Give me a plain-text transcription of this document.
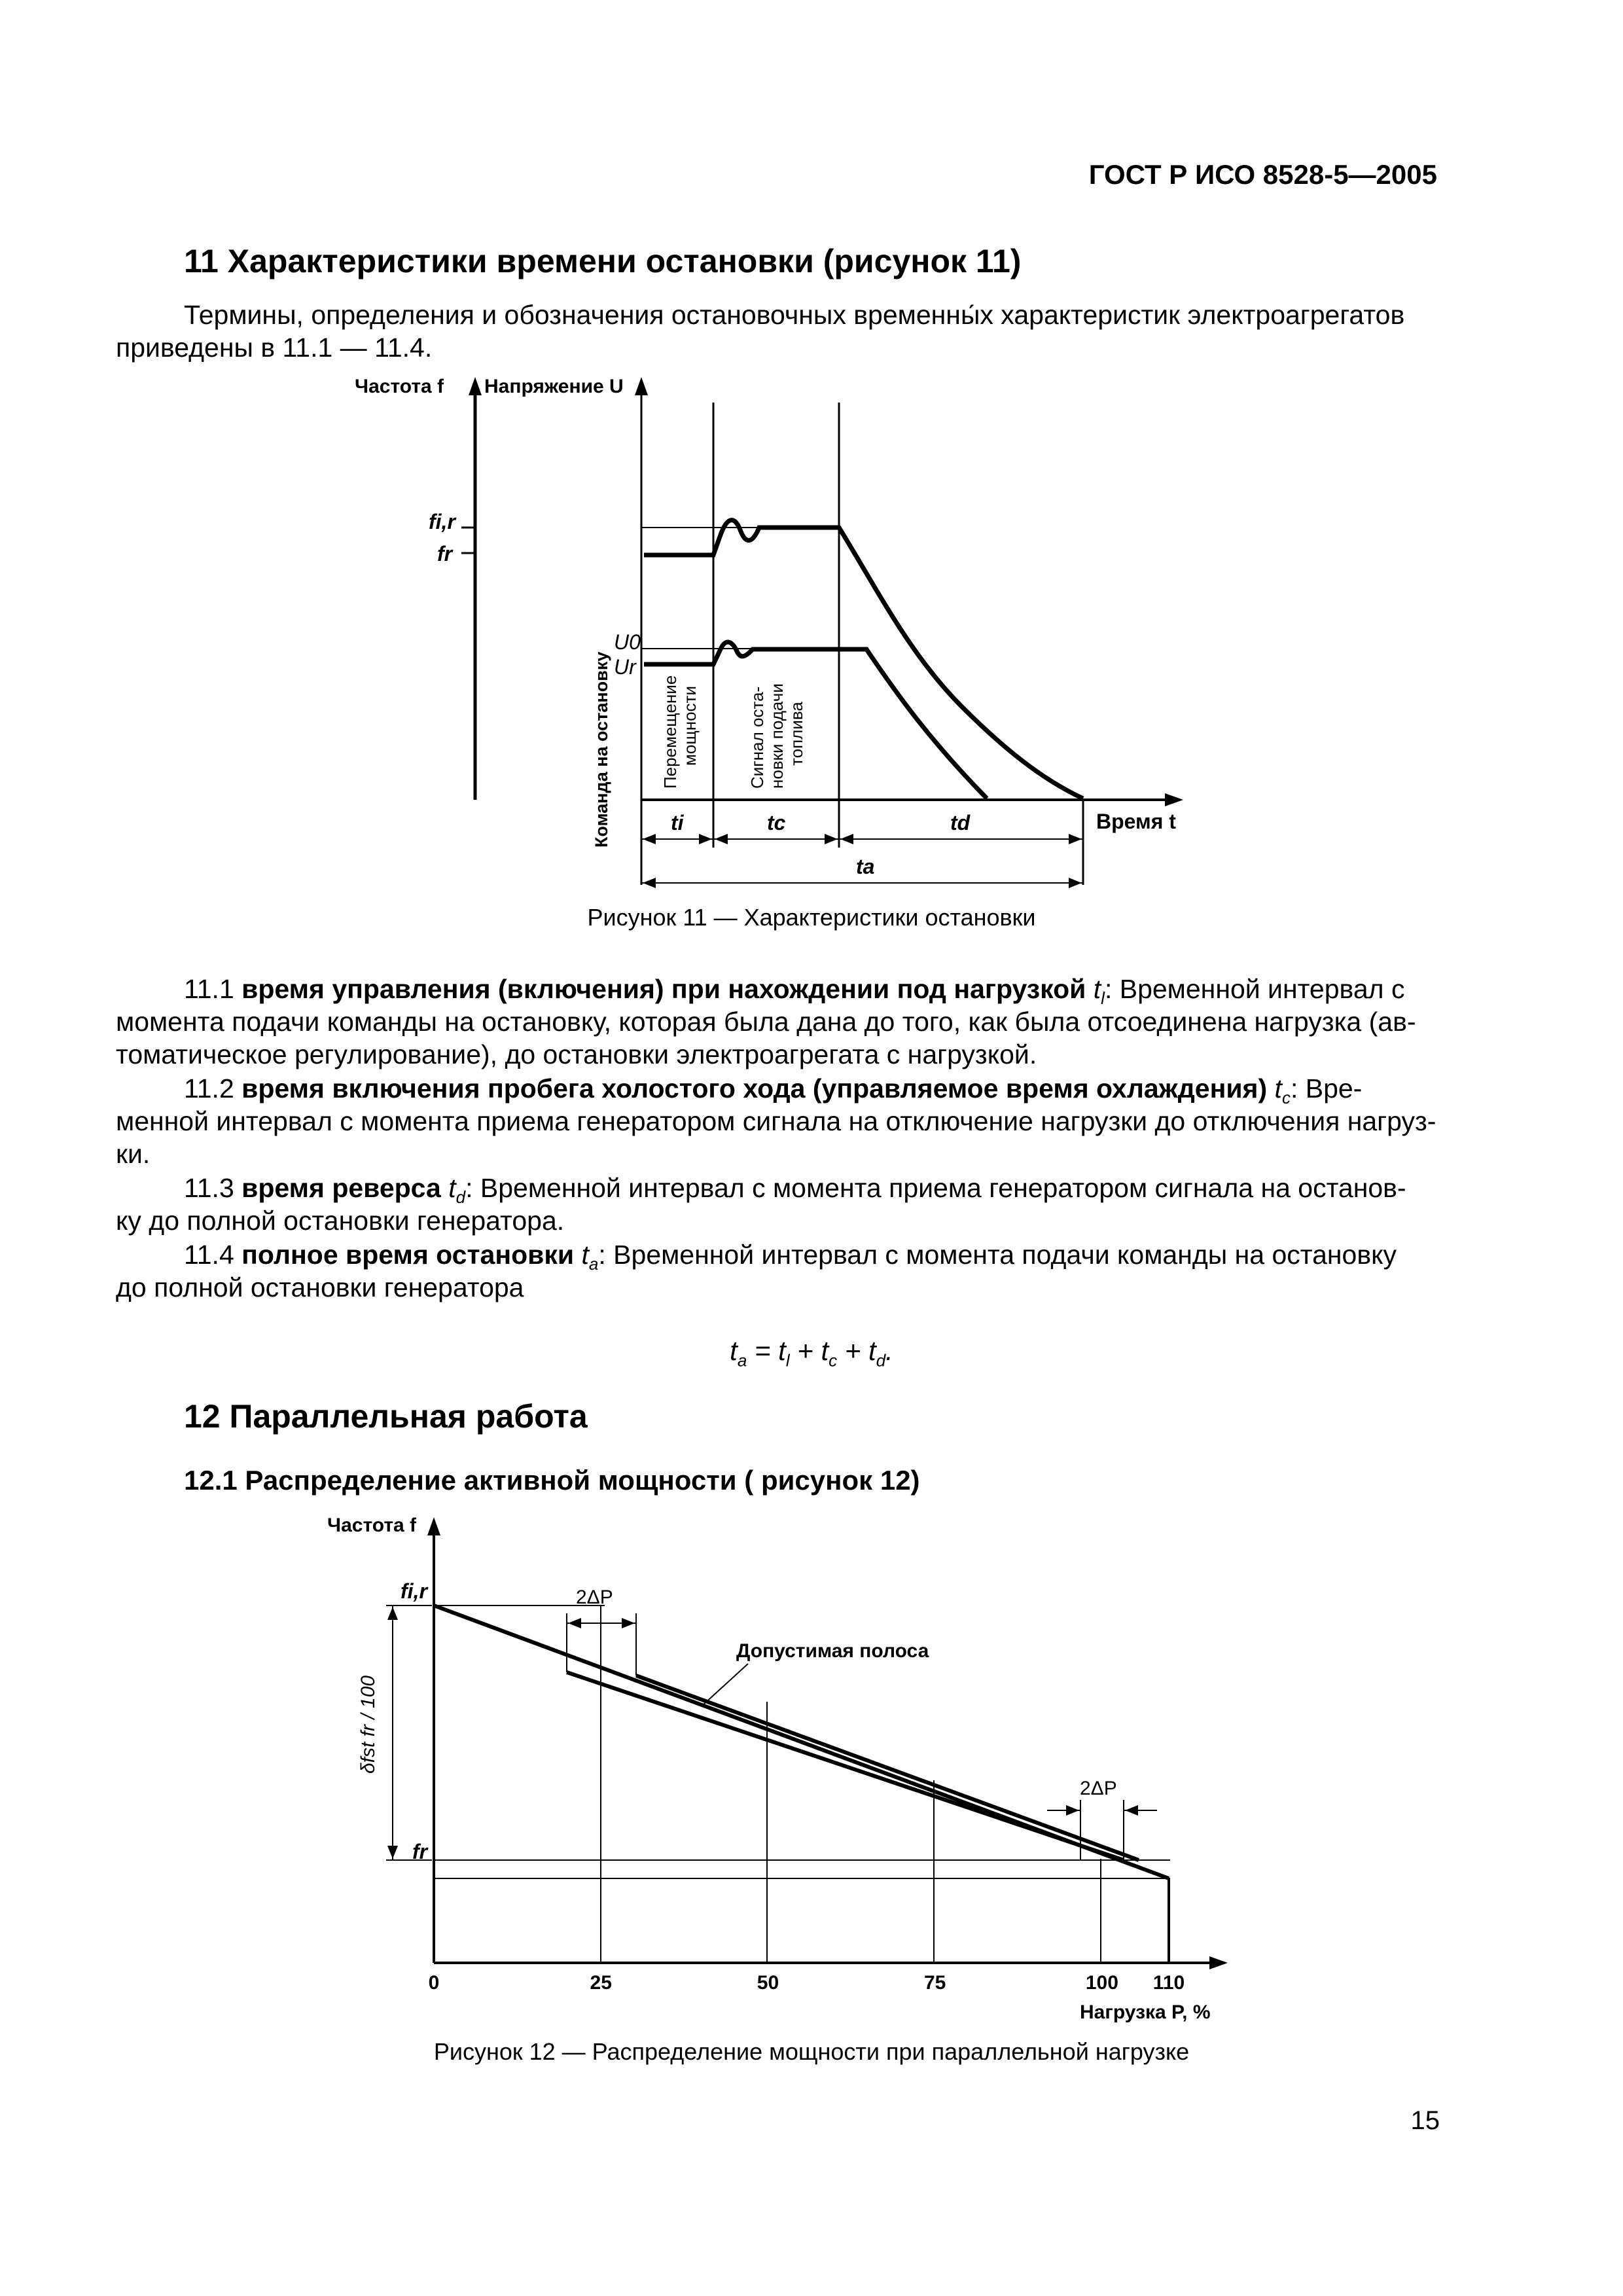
ГОСТ Р ИСО 8528-5—2005
11 Характеристики времени остановки (рисунок 11)
Термины, определения и обозначения остановочных временны́х характеристик электроагрегатов
приведены в 11.1 — 11.4.
Частота f Напряжение U
fi,r
fr
U0
Ur
Команда на остановку	Перемещение мощности	Сигнал оста- новки подачи топлива
Время t
ti	tc	td
ta
Рисунок 11 — Характеристики остановки
11.1 время управления (включения) при нахождении под нагрузкой $t_l$: Временной интервал с
момента подачи команды на остановку, которая была дана до того, как была отсоединена нагрузка (ав-
томатическое регулирование), до остановки электроагрегата с нагрузкой.
11.2 время включения пробега холостого хода (управляемое время охлаждения) $t_c$: Вре-
менной интервал с момента приема генератором сигнала на отключение нагрузки до отключения нагруз-
ки.
11.3 время реверса $t_d$: Временной интервал с момента приема генератором сигнала на останов-
ку до полной остановки генератора.
11.4 полное время остановки $t_a$: Временной интервал с момента подачи команды на остановку
до полной остановки генератора
$t_a = t_l + t_c + t_d$.
12 Параллельная работа
12.1 Распределение активной мощности ( рисунок 12)
Частота f
fi,r
fr
δfst fr / 100
2ΔP
2ΔP
Допустимая полоса
0	25	50	75	100 110
Нагрузка P, %
Рисунок 12 — Распределение мощности при параллельной нагрузке
15
